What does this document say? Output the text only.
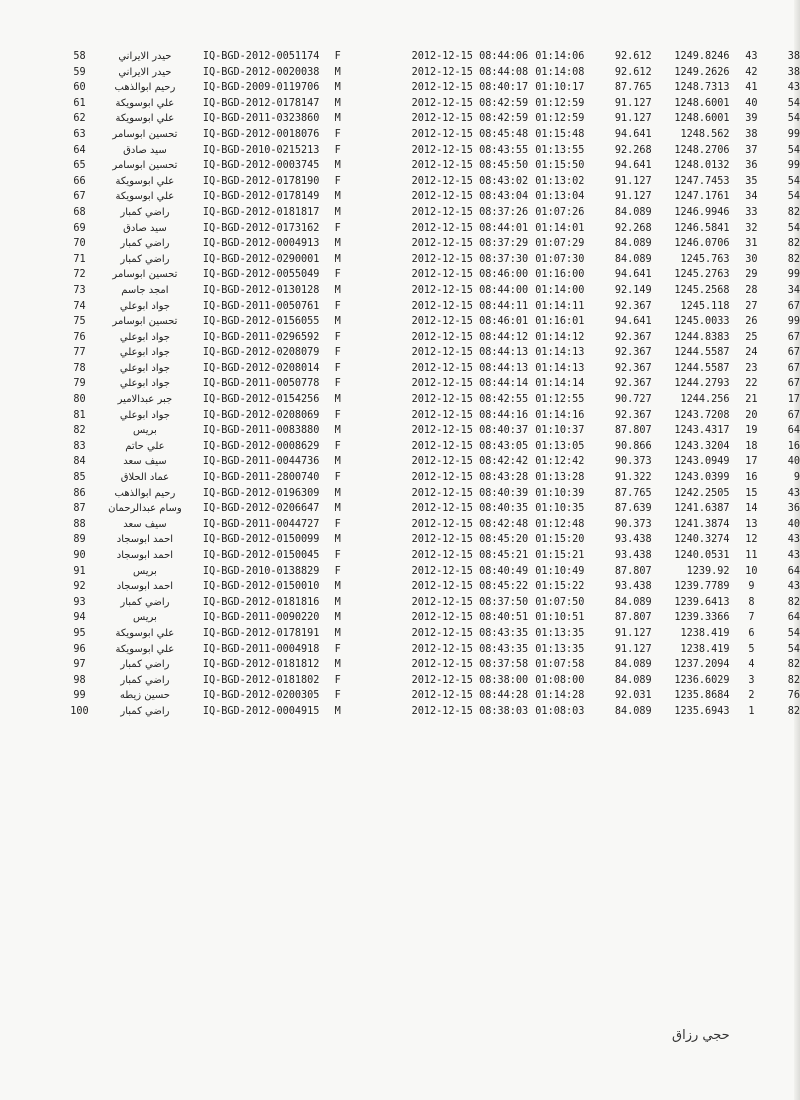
58	حيدر الايراني	IQ-BGD-2012-0051174	F	2012-12-15 08:44:06	01:14:06	92.612	1249.8246	43	38
59	حيدر الايراني	IQ-BGD-2012-0020038	M	2012-12-15 08:44:08	01:14:08	92.612	1249.2626	42	38
60	رحيم ابوالذهب	IQ-BGD-2009-0119706	M	2012-12-15 08:40:17	01:10:17	87.765	1248.7313	41	43
61	علي ابوسويكة	IQ-BGD-2012-0178147	M	2012-12-15 08:42:59	01:12:59	91.127	1248.6001	40	54
62	علي ابوسويكة	IQ-BGD-2011-0323860	M	2012-12-15 08:42:59	01:12:59	91.127	1248.6001	39	54
63	تحسين ابوسامر	IQ-BGD-2012-0018076	F	2012-12-15 08:45:48	01:15:48	94.641	1248.562	38	99
64	سيد صادق	IQ-BGD-2010-0215213	F	2012-12-15 08:43:55	01:13:55	92.268	1248.2706	37	54
65	تحسين ابوسامر	IQ-BGD-2012-0003745	M	2012-12-15 08:45:50	01:15:50	94.641	1248.0132	36	99
66	علي ابوسويكة	IQ-BGD-2012-0178190	F	2012-12-15 08:43:02	01:13:02	91.127	1247.7453	35	54
67	علي ابوسويكة	IQ-BGD-2012-0178149	M	2012-12-15 08:43:04	01:13:04	91.127	1247.1761	34	54
68	راضي كمبار	IQ-BGD-2012-0181817	M	2012-12-15 08:37:26	01:07:26	84.089	1246.9946	33	82
69	سيد صادق	IQ-BGD-2012-0173162	F	2012-12-15 08:44:01	01:14:01	92.268	1246.5841	32	54
70	راضي كمبار	IQ-BGD-2012-0004913	M	2012-12-15 08:37:29	01:07:29	84.089	1246.0706	31	82
71	راضي كمبار	IQ-BGD-2012-0290001	M	2012-12-15 08:37:30	01:07:30	84.089	1245.763	30	82
72	تحسين ابوسامر	IQ-BGD-2012-0055049	F	2012-12-15 08:46:00	01:16:00	94.641	1245.2763	29	99
73	امجد جاسم	IQ-BGD-2012-0130128	M	2012-12-15 08:44:00	01:14:00	92.149	1245.2568	28	34
74	جواد ابوعلي	IQ-BGD-2011-0050761	F	2012-12-15 08:44:11	01:14:11	92.367	1245.118	27	67
75	تحسين ابوسامر	IQ-BGD-2012-0156055	M	2012-12-15 08:46:01	01:16:01	94.641	1245.0033	26	99
76	جواد ابوعلي	IQ-BGD-2011-0296592	F	2012-12-15 08:44:12	01:14:12	92.367	1244.8383	25	67
77	جواد ابوعلي	IQ-BGD-2012-0208079	F	2012-12-15 08:44:13	01:14:13	92.367	1244.5587	24	67
78	جواد ابوعلي	IQ-BGD-2012-0208014	F	2012-12-15 08:44:13	01:14:13	92.367	1244.5587	23	67
79	جواد ابوعلي	IQ-BGD-2011-0050778	F	2012-12-15 08:44:14	01:14:14	92.367	1244.2793	22	67
80	جبر عبدالامير	IQ-BGD-2012-0154256	M	2012-12-15 08:42:55	01:12:55	90.727	1244.256	21	17
81	جواد ابوعلي	IQ-BGD-2012-0208069	F	2012-12-15 08:44:16	01:14:16	92.367	1243.7208	20	67
82	بريس	IQ-BGD-2011-0083880	M	2012-12-15 08:40:37	01:10:37	87.807	1243.4317	19	64
83	علي حاتم	IQ-BGD-2012-0008629	F	2012-12-15 08:43:05	01:13:05	90.866	1243.3204	18	16
84	سيف سعد	IQ-BGD-2011-0044736	M	2012-12-15 08:42:42	01:12:42	90.373	1243.0949	17	40
85	عماد الحلاق	IQ-BGD-2011-2800740	F	2012-12-15 08:43:28	01:13:28	91.322	1243.0399	16	9
86	رحيم ابوالذهب	IQ-BGD-2012-0196309	M	2012-12-15 08:40:39	01:10:39	87.765	1242.2505	15	43
87	وسام عبدالرحمان	IQ-BGD-2012-0206647	M	2012-12-15 08:40:35	01:10:35	87.639	1241.6387	14	36
88	سيف سعد	IQ-BGD-2011-0044727	F	2012-12-15 08:42:48	01:12:48	90.373	1241.3874	13	40
89	احمد ابوسجاد	IQ-BGD-2012-0150099	M	2012-12-15 08:45:20	01:15:20	93.438	1240.3274	12	43
90	احمد ابوسجاد	IQ-BGD-2012-0150045	F	2012-12-15 08:45:21	01:15:21	93.438	1240.0531	11	43
91	بريس	IQ-BGD-2010-0138829	F	2012-12-15 08:40:49	01:10:49	87.807	1239.92	10	64
92	احمد ابوسجاد	IQ-BGD-2012-0150010	M	2012-12-15 08:45:22	01:15:22	93.438	1239.7789	9	43
93	راضي كمبار	IQ-BGD-2012-0181816	M	2012-12-15 08:37:50	01:07:50	84.089	1239.6413	8	82
94	بريس	IQ-BGD-2011-0090220	M	2012-12-15 08:40:51	01:10:51	87.807	1239.3366	7	64
95	علي ابوسويكة	IQ-BGD-2012-0178191	M	2012-12-15 08:43:35	01:13:35	91.127	1238.419	6	54
96	علي ابوسويكة	IQ-BGD-2011-0004918	F	2012-12-15 08:43:35	01:13:35	91.127	1238.419	5	54
97	راضي كمبار	IQ-BGD-2012-0181812	M	2012-12-15 08:37:58	01:07:58	84.089	1237.2094	4	82
98	راضي كمبار	IQ-BGD-2012-0181802	F	2012-12-15 08:38:00	01:08:00	84.089	1236.6029	3	82
99	حسين زيطه	IQ-BGD-2012-0200305	F	2012-12-15 08:44:28	01:14:28	92.031	1235.8684	2	76
100	راضي كمبار	IQ-BGD-2012-0004915	M	2012-12-15 08:38:03	01:08:03	84.089	1235.6943	1	82
حجي رزاق
